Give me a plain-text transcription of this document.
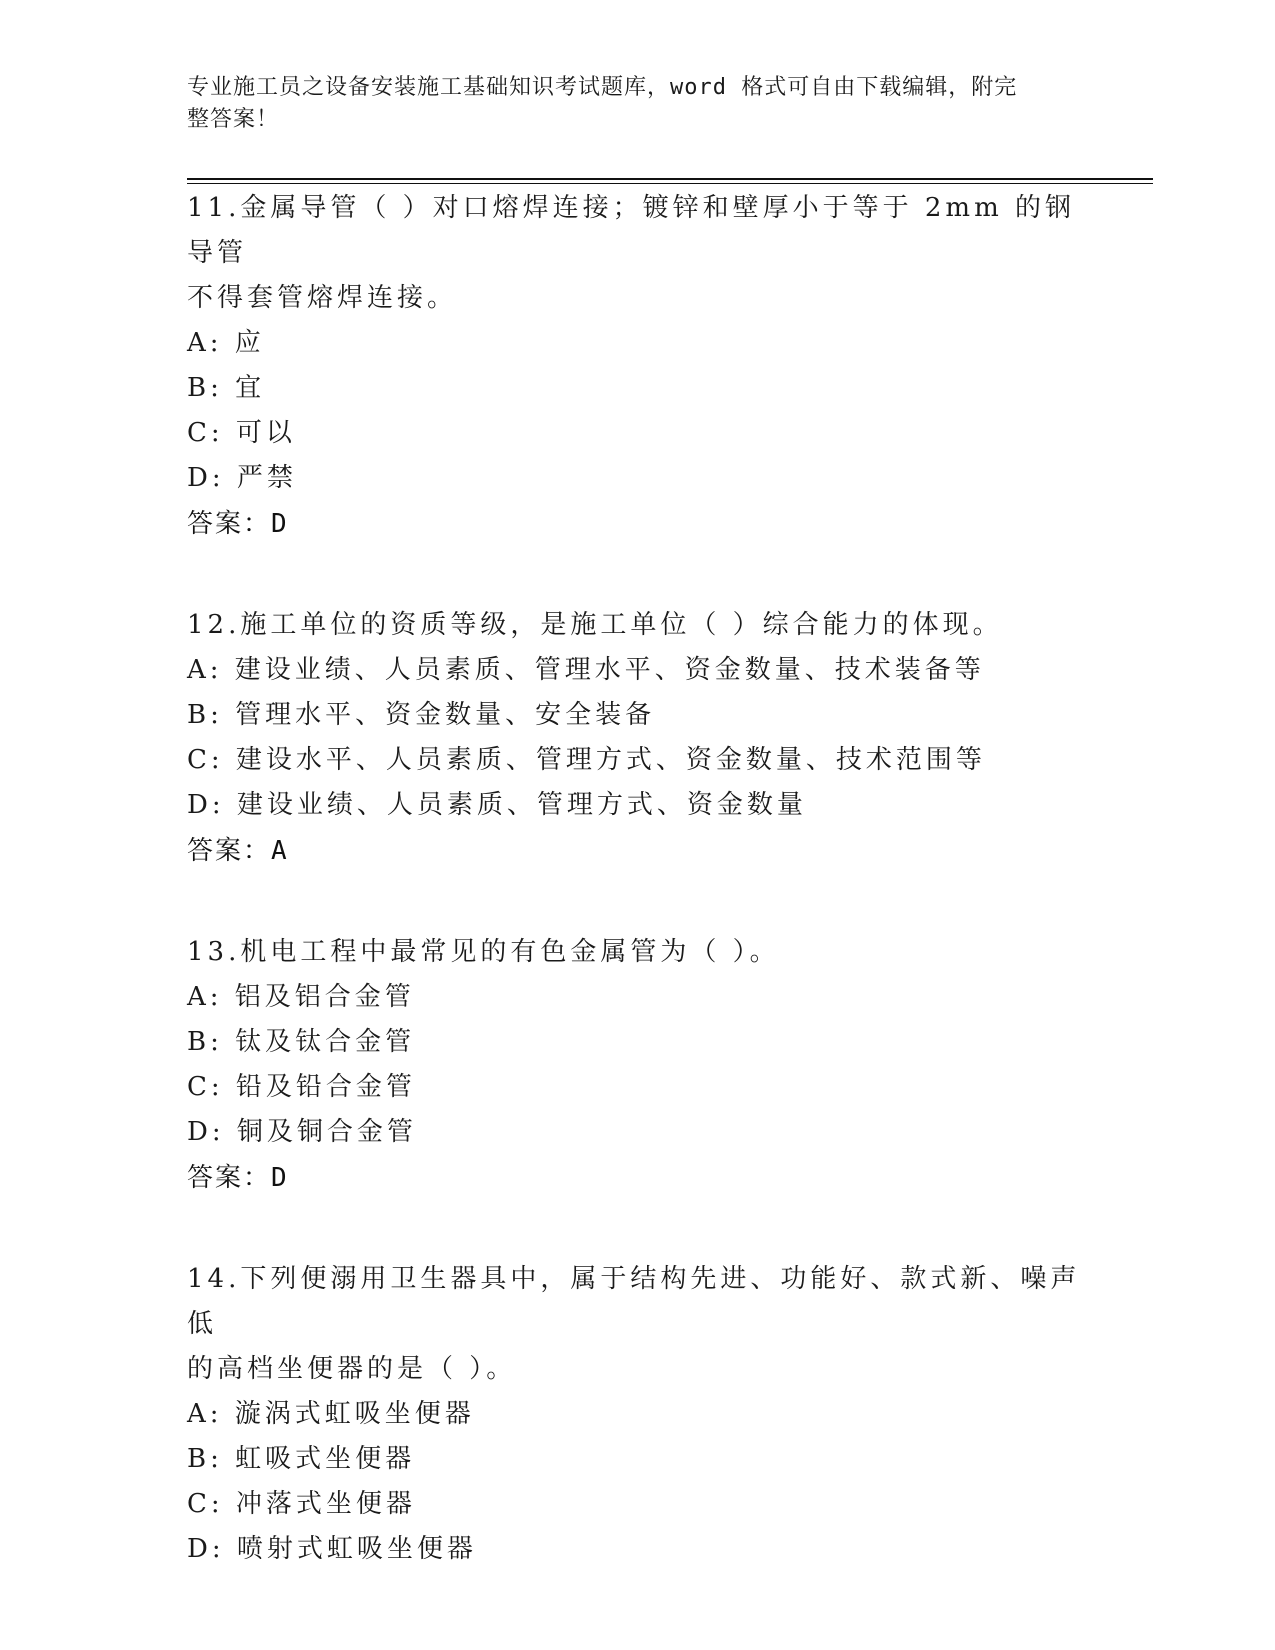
专业施工员之设备安装施工基础知识考试题库，word 格式可自由下载编辑，附完
整答案！
11.金属导管（ ）对口熔焊连接；镀锌和壁厚小于等于 2mm 的钢导管
不得套管熔焊连接。
A: 应
B: 宜
C: 可以
D: 严禁
答案：D
12.施工单位的资质等级，是施工单位（ ）综合能力的体现。
A: 建设业绩、人员素质、管理水平、资金数量、技术装备等
B: 管理水平、资金数量、安全装备
C: 建设水平、人员素质、管理方式、资金数量、技术范围等
D: 建设业绩、人员素质、管理方式、资金数量
答案：A
13.机电工程中最常见的有色金属管为（ ）。
A: 铝及铝合金管
B: 钛及钛合金管
C: 铅及铅合金管
D: 铜及铜合金管
答案：D
14.下列便溺用卫生器具中，属于结构先进、功能好、款式新、噪声低
的高档坐便器的是（ ）。
A: 漩涡式虹吸坐便器
B: 虹吸式坐便器
C: 冲落式坐便器
D: 喷射式虹吸坐便器
